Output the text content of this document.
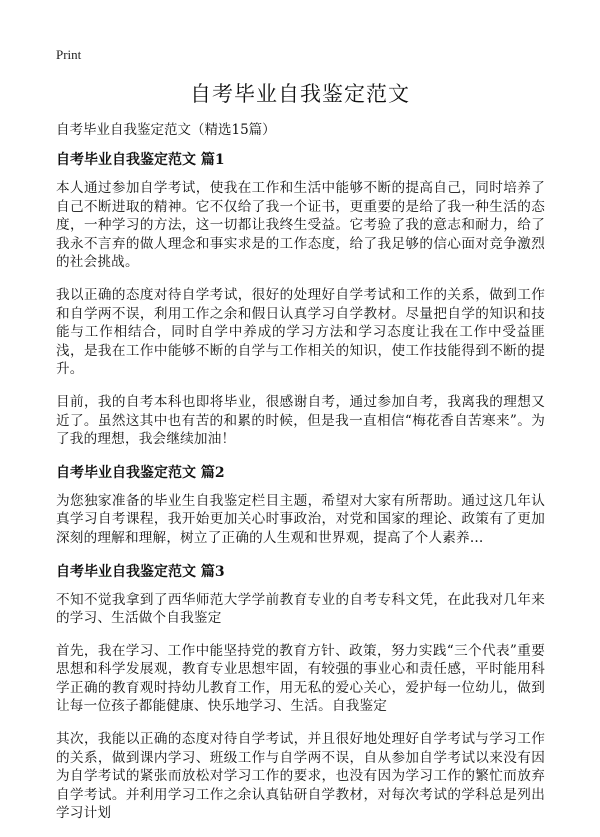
Print
自考毕业自我鉴定范文

自考毕业自我鉴定范文（精选15篇）

自考毕业自我鉴定范文 篇1

本人通过参加自学考试，使我在工作和生活中能够不断的提高自己，同时培养了自己不断进取的精神。它不仅给了我一个证书，更重要的是给了我一种生活的态度，一种学习的方法，这一切都让我终生受益。它考验了我的意志和耐力，给了我永不言弃的做人理念和事实求是的工作态度，给了我足够的信心面对竞争激烈的社会挑战。

我以正确的态度对待自学考试，很好的处理好自学考试和工作的关系，做到工作和自学两不误，利用工作之余和假日认真学习自学教材。尽量把自学的知识和技能与工作相结合，同时自学中养成的学习方法和学习态度让我在工作中受益匪浅，是我在工作中能够不断的自学与工作相关的知识，使工作技能得到不断的提升。

目前，我的自考本科也即将毕业，很感谢自考，通过参加自考，我离我的理想又近了。虽然这其中也有苦的和累的时候，但是我一直相信“梅花香自苦寒来”。为了我的理想，我会继续加油！

自考毕业自我鉴定范文 篇2

为您独家准备的毕业生自我鉴定栏目主题，希望对大家有所帮助。通过这几年认真学习自考课程，我开始更加关心时事政治，对党和国家的理论、政策有了更加深刻的理解和理解，树立了正确的人生观和世界观，提高了个人素养…

自考毕业自我鉴定范文 篇3

不知不觉我拿到了西华师范大学学前教育专业的自考专科文凭，在此我对几年来的学习、生活做个自我鉴定

首先，我在学习、工作中能坚持党的教育方针、政策，努力实践“三个代表”重要思想和科学发展观，教育专业思想牢固，有较强的事业心和责任感，平时能用科学正确的教育观时持幼儿教育工作，用无私的爱心关心，爱护每一位幼儿，做到让每一位孩子都能健康、快乐地学习、生活。自我鉴定

其次，我能以正确的态度对待自学考试，并且很好地处理好自学考试与学习工作的关系，做到课内学习、班级工作与自学两不误，自从参加自学考试以来没有因为自学考试的紧张而放松对学习工作的要求，也没有因为学习工作的繁忙而放弃自学考试。并利用学习工作之余认真钻研自学教材，对每次考试的学科总是列出学习计划
